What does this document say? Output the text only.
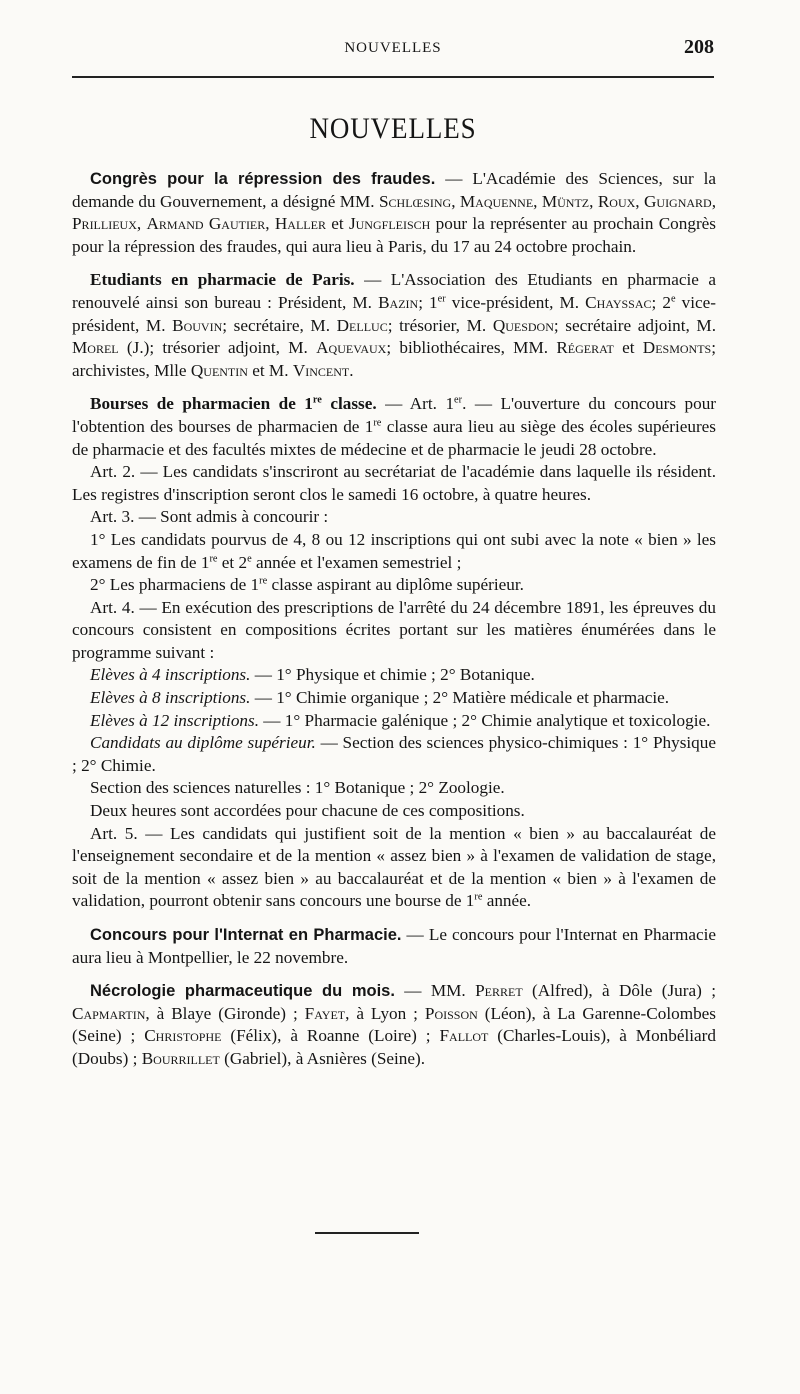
NOUVELLES	208
NOUVELLES

Congrès pour la répression des fraudes. — L'Académie des Sciences, sur la demande du Gouvernement, a désigné MM. Schlœsing, Maquenne, Müntz, Roux, Guignard, Prillieux, Armand Gautier, Haller et Jungfleisch pour la représenter au prochain Congrès pour la répression des fraudes, qui aura lieu à Paris, du 17 au 24 octobre prochain.

Etudiants en pharmacie de Paris. — L'Association des Etudiants en pharmacie a renouvelé ainsi son bureau : Président, M. Bazin; 1er vice-président, M. Chayssac; 2e vice-président, M. Bouvin; secrétaire, M. Delluc; trésorier, M. Quesdon; secrétaire adjoint, M. Morel (J.); trésorier adjoint, M. Aquevaux; bibliothécaires, MM. Régerat et Desmonts; archivistes, Mlle Quentin et M. Vincent.

Bourses de pharmacien de 1re classe. — Art. 1er. — L'ouverture du concours pour l'obtention des bourses de pharmacien de 1re classe aura lieu au siège des écoles supérieures de pharmacie et des facultés mixtes de médecine et de pharmacie le jeudi 28 octobre.

Art. 2. — Les candidats s'inscriront au secrétariat de l'académie dans laquelle ils résident. Les registres d'inscription seront clos le samedi 16 octobre, à quatre heures.

Art. 3. — Sont admis à concourir :

1° Les candidats pourvus de 4, 8 ou 12 inscriptions qui ont subi avec la note « bien » les examens de fin de 1re et 2e année et l'examen semestriel ;

2° Les pharmaciens de 1re classe aspirant au diplôme supérieur.

Art. 4. — En exécution des prescriptions de l'arrêté du 24 décembre 1891, les épreuves du concours consistent en compositions écrites portant sur les matières énumérées dans le programme suivant :

Elèves à 4 inscriptions. — 1° Physique et chimie ; 2° Botanique.

Elèves à 8 inscriptions. — 1° Chimie organique ; 2° Matière médicale et pharmacie.

Elèves à 12 inscriptions. — 1° Pharmacie galénique ; 2° Chimie analytique et toxicologie.

Candidats au diplôme supérieur. — Section des sciences physico-chimiques : 1° Physique ; 2° Chimie.

Section des sciences naturelles : 1° Botanique ; 2° Zoologie.

Deux heures sont accordées pour chacune de ces compositions.

Art. 5. — Les candidats qui justifient soit de la mention « bien » au baccalauréat de l'enseignement secondaire et de la mention « assez bien » à l'examen de validation de stage, soit de la mention « assez bien » au baccalauréat et de la mention « bien » à l'examen de validation, pourront obtenir sans concours une bourse de 1re année.

Concours pour l'Internat en Pharmacie. — Le concours pour l'Internat en Pharmacie aura lieu à Montpellier, le 22 novembre.

Nécrologie pharmaceutique du mois. — MM. Perret (Alfred), à Dôle (Jura) ; Capmartin, à Blaye (Gironde) ; Fayet, à Lyon ; Poisson (Léon), à La Garenne-Colombes (Seine) ; Christophe (Félix), à Roanne (Loire) ; Fallot (Charles-Louis), à Monbéliard (Doubs) ; Bourrillet (Gabriel), à Asnières (Seine).
